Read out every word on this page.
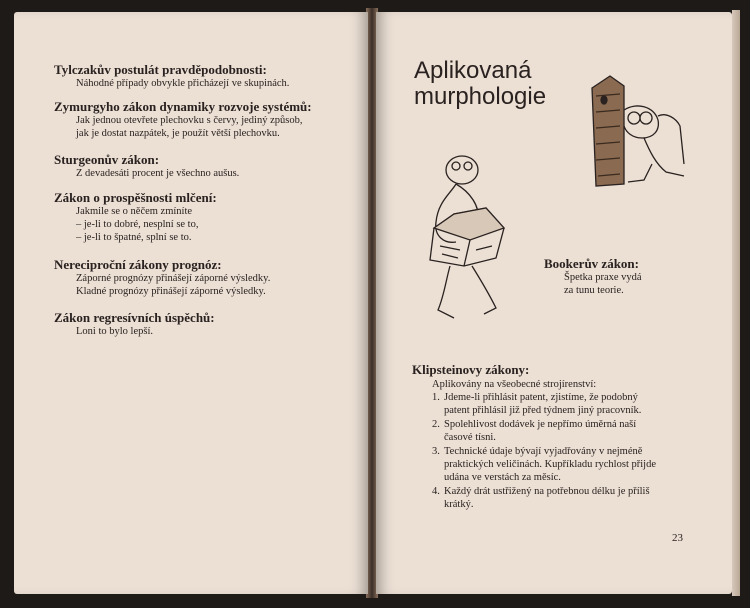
Tylczakův postulát pravděpodobnosti:

Náhodné případy obvykle přicházejí ve skupinách.

Zymurgyho zákon dynamiky rozvoje systémů:

Jak jednou otevřete plechovku s červy, jediný způsob,

jak je dostat nazpátek, je použít větší plechovku.

Sturgeonův zákon:

Z devadesáti procent je všechno aušus.

Zákon o prospěšnosti mlčení:

Jakmile se o něčem zmíníte

– je-li to dobré, nesplní se to,

– je-li to špatné, splní se to.

Nereciproční zákony prognóz:

Záporné prognózy přinášejí záporné výsledky.

Kladné prognózy přinášejí záporné výsledky.

Zákon regresívních úspěchů:

Loni to bylo lepší.

Aplikovaná
murphologie
Bookerův zákon:

Špetka praxe vydá

za tunu teorie.

Klipsteinovy zákony:
Aplikovány na všeobecné strojírenství:
1. Jdeme-li přihlásit patent, zjistíme, že podobný
patent přihlásil již před týdnem jiný pracovník.
2. Spolehlivost dodávek je nepřímo úměrná naší
časové tísni.
3. Technické údaje bývají vyjadřovány v nejméně
praktických veličinách. Kupříkladu rychlost přijde
udána ve verstách za měsíc.
4. Každý drát ustřižený na potřebnou délku je příliš
krátký.
23
